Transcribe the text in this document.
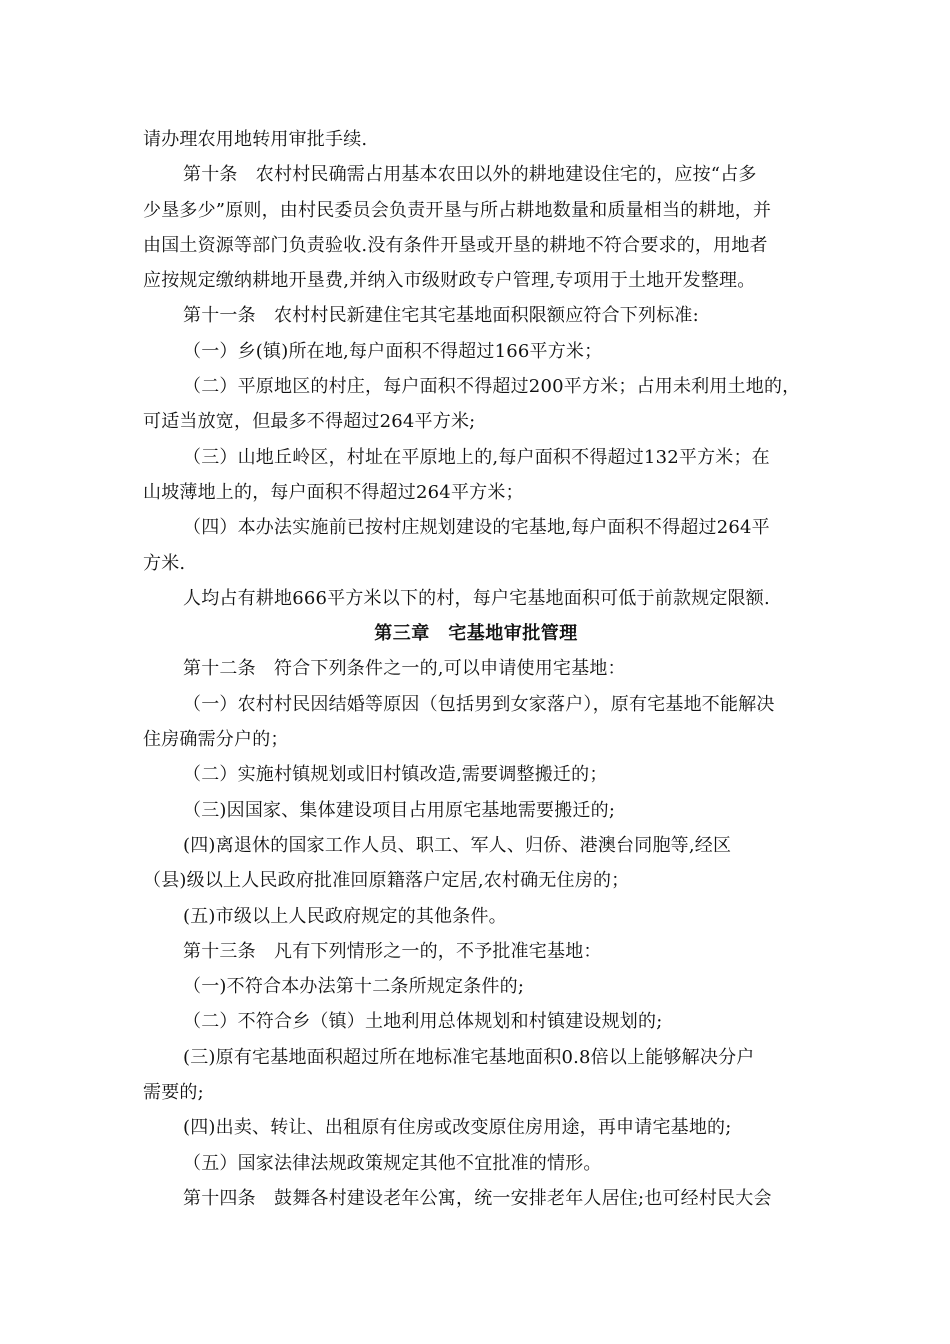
请办理农用地转用审批手续.
第十条　农村村民确需占用基本农田以外的耕地建设住宅的，应按“占多
少垦多少”原则，由村民委员会负责开垦与所占耕地数量和质量相当的耕地，并
由国土资源等部门负责验收.没有条件开垦或开垦的耕地不符合要求的，用地者
应按规定缴纳耕地开垦费,并纳入市级财政专户管理,专项用于土地开发整理。
第十一条　农村村民新建住宅其宅基地面积限额应符合下列标准:
（一）乡(镇)所在地,每户面积不得超过166平方米；
（二）平原地区的村庄，每户面积不得超过200平方米；占用未利用土地的，
可适当放宽，但最多不得超过264平方米;
（三）山地丘岭区，村址在平原地上的,每户面积不得超过132平方米；在
山坡薄地上的，每户面积不得超过264平方米；
（四）本办法实施前已按村庄规划建设的宅基地,每户面积不得超过264平
方米.
人均占有耕地666平方米以下的村，每户宅基地面积可低于前款规定限额.
第三章　宅基地审批管理
第十二条　符合下列条件之一的,可以申请使用宅基地：
（一）农村村民因结婚等原因（包括男到女家落户），原有宅基地不能解决
住房确需分户的；
（二）实施村镇规划或旧村镇改造,需要调整搬迁的；
（三)因国家、集体建设项目占用原宅基地需要搬迁的;
(四)离退休的国家工作人员、职工、军人、归侨、港澳台同胞等,经区
（县)级以上人民政府批准回原籍落户定居,农村确无住房的；
(五)市级以上人民政府规定的其他条件。
第十三条　凡有下列情形之一的，不予批准宅基地：
（一)不符合本办法第十二条所规定条件的;
（二）不符合乡（镇）土地利用总体规划和村镇建设规划的;
(三)原有宅基地面积超过所在地标准宅基地面积0.8倍以上能够解决分户
需要的;
(四)出卖、转让、出租原有住房或改变原住房用途，再申请宅基地的;
（五）国家法律法规政策规定其他不宜批准的情形。
第十四条　鼓舞各村建设老年公寓，统一安排老年人居住;也可经村民大会
